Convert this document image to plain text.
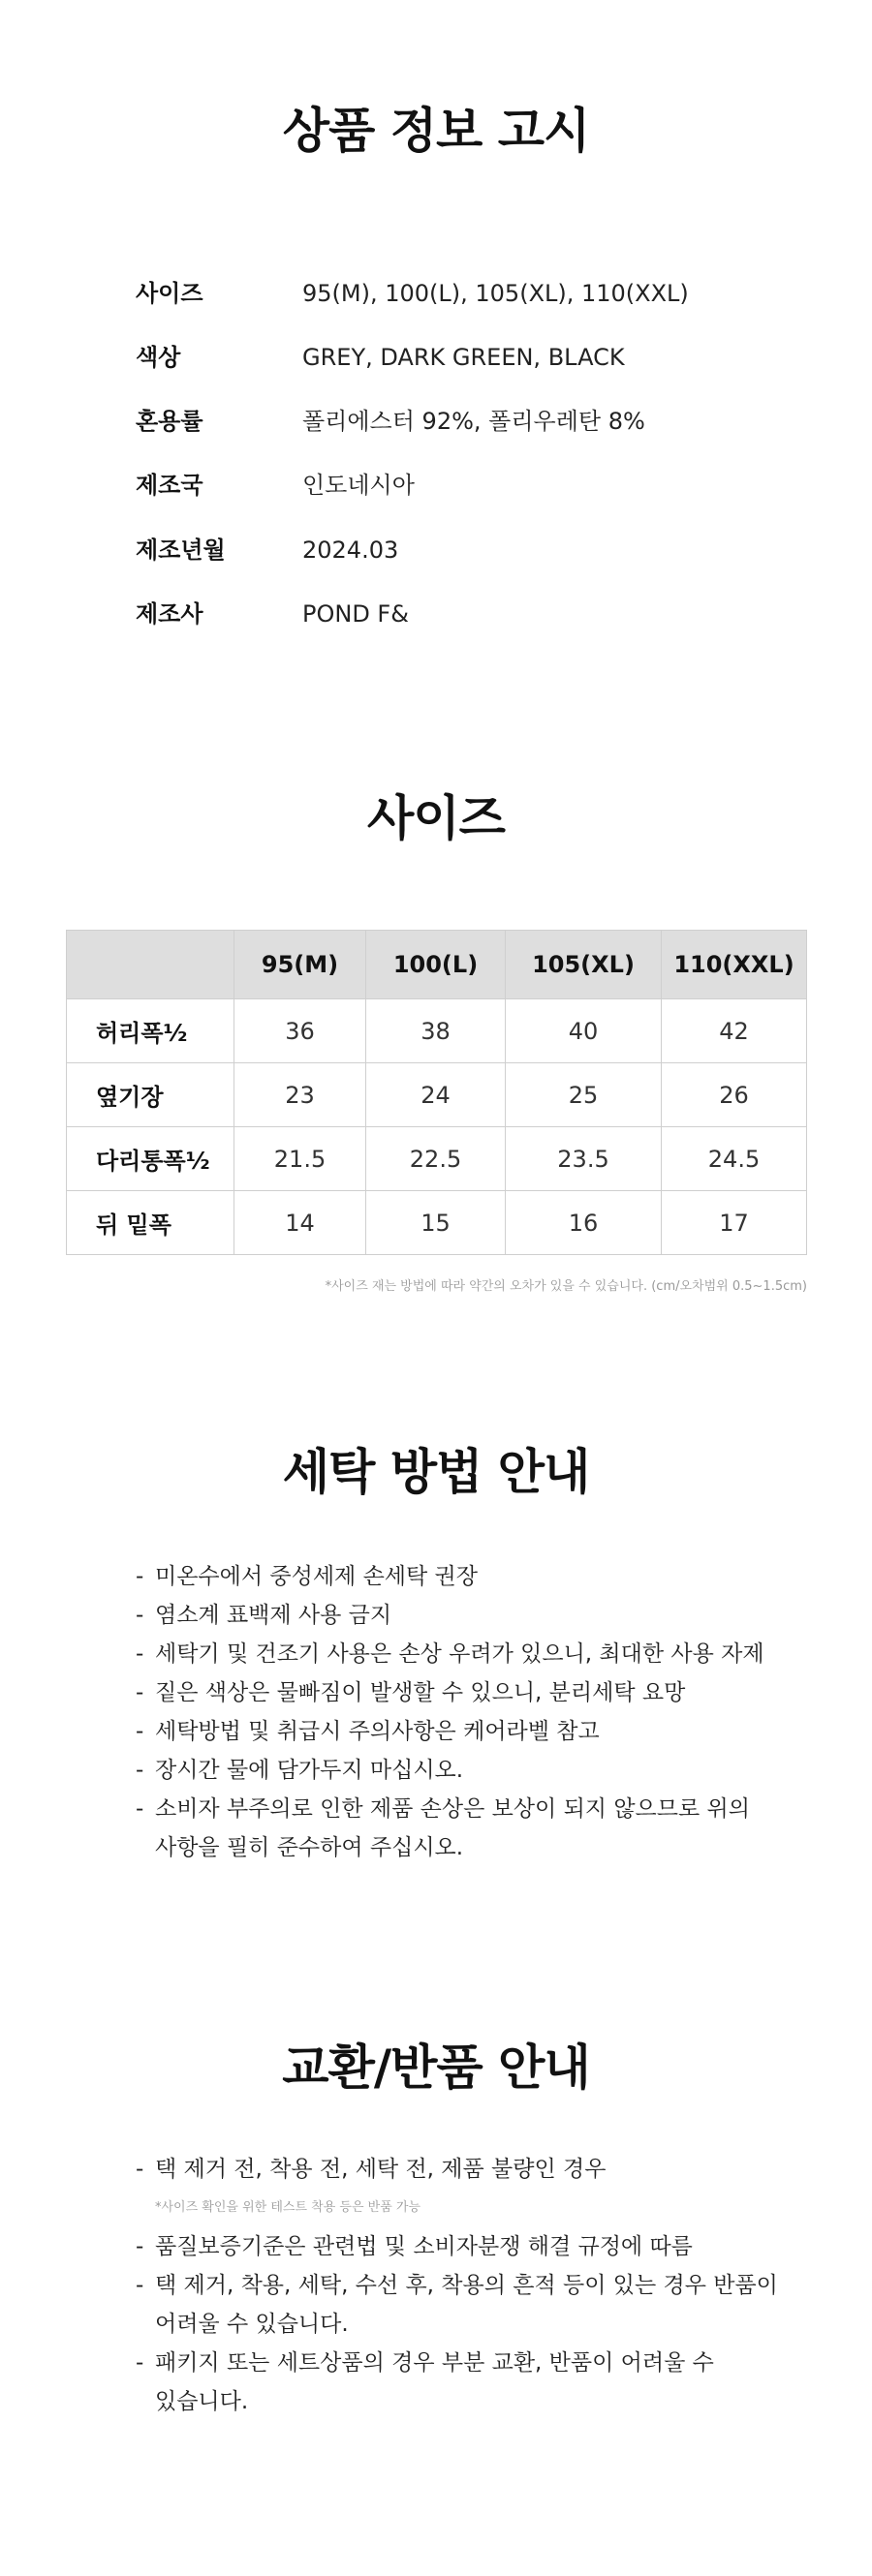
상품 정보 고시
사이즈	95(M), 100(L), 105(XL), 110(XXL)
색상	GREY, DARK GREEN, BLACK
혼용률	폴리에스터 92%, 폴리우레탄 8%
제조국	인도네시아
제조년월	2024.03
제조사	POND F&
사이즈
	95(M)	100(L)	105(XL)	110(XXL)
허리폭½	36	38	40	42
옆기장	23	24	25	26
다리통폭½	21.5	22.5	23.5	24.5
뒤 밑폭	14	15	16	17
*사이즈 재는 방법에 따라 약간의 오차가 있을 수 있습니다. (cm/오차범위 0.5~1.5cm)
세탁 방법 안내
- 미온수에서 중성세제 손세탁 권장
- 염소계 표백제 사용 금지
- 세탁기 및 건조기 사용은 손상 우려가 있으니, 최대한 사용 자제
- 짙은 색상은 물빠짐이 발생할 수 있으니, 분리세탁 요망
- 세탁방법 및 취급시 주의사항은 케어라벨 참고
- 장시간 물에 담가두지 마십시오.
- 소비자 부주의로 인한 제품 손상은 보상이 되지 않으므로 위의
사항을 필히 준수하여 주십시오.
교환/반품 안내
- 택 제거 전, 착용 전, 세탁 전, 제품 불량인 경우
*사이즈 확인을 위한 테스트 착용 등은 반품 가능
- 품질보증기준은 관련법 및 소비자분쟁 해결 규정에 따름
- 택 제거, 착용, 세탁, 수선 후, 착용의 흔적 등이 있는 경우 반품이
어려울 수 있습니다.
- 패키지 또는 세트상품의 경우 부분 교환, 반품이 어려울 수
있습니다.
